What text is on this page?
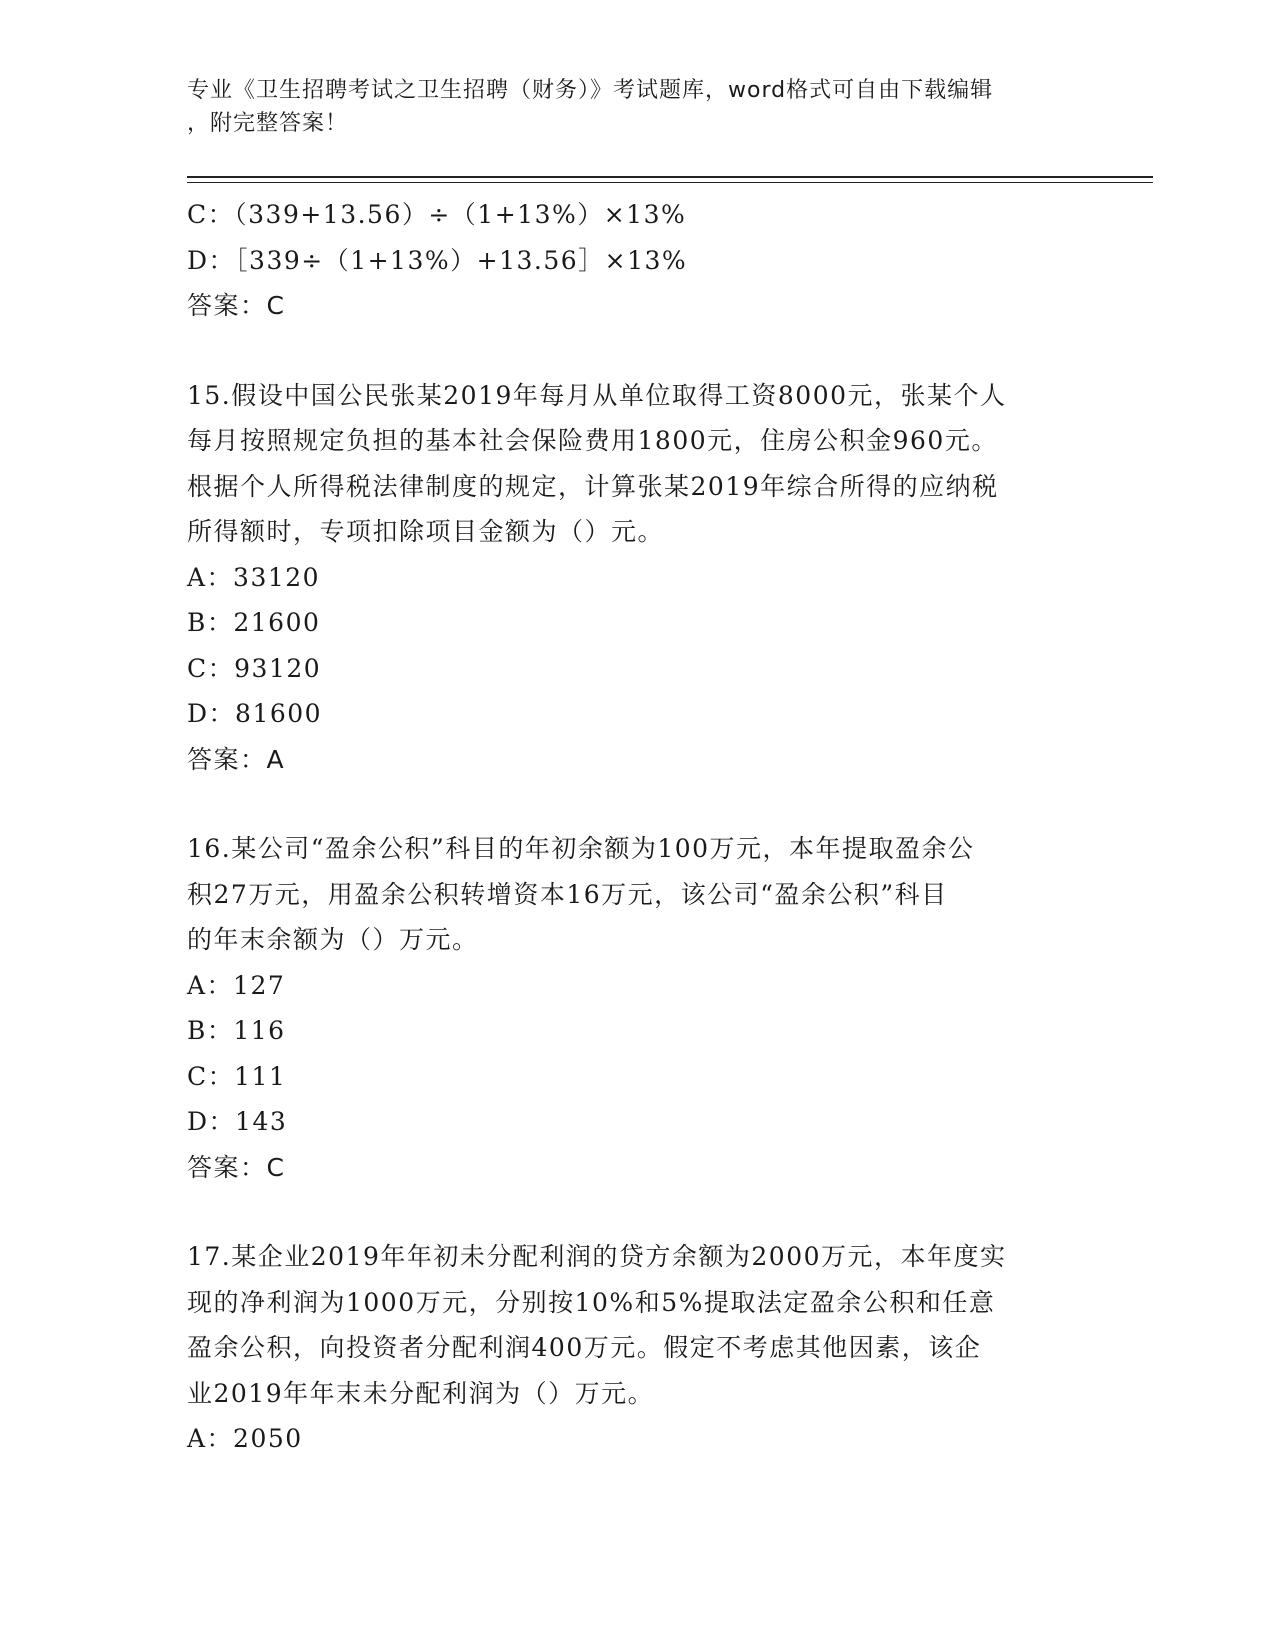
专业《卫生招聘考试之卫生招聘（财务）》考试题库，word格式可自由下载编辑
，附完整答案！
C：（339+13.56）÷（1+13%）×13%
D：［339÷（1+13%）+13.56］×13%
答案：C
15.假设中国公民张某2019年每月从单位取得工资8000元，张某个人
每月按照规定负担的基本社会保险费用1800元，住房公积金960元。
根据个人所得税法律制度的规定，计算张某2019年综合所得的应纳税
所得额时，专项扣除项目金额为（）元。
A：33120
B：21600
C：93120
D：81600
答案：A
16.某公司“盈余公积”科目的年初余额为100万元，本年提取盈余公
积27万元，用盈余公积转增资本16万元，该公司“盈余公积”科目
的年末余额为（）万元。
A：127
B：116
C：111
D：143
答案：C
17.某企业2019年年初未分配利润的贷方余额为2000万元，本年度实
现的净利润为1000万元，分别按10%和5%提取法定盈余公积和任意
盈余公积，向投资者分配利润400万元。假定不考虑其他因素，该企
业2019年年末未分配利润为（）万元。
A：2050
